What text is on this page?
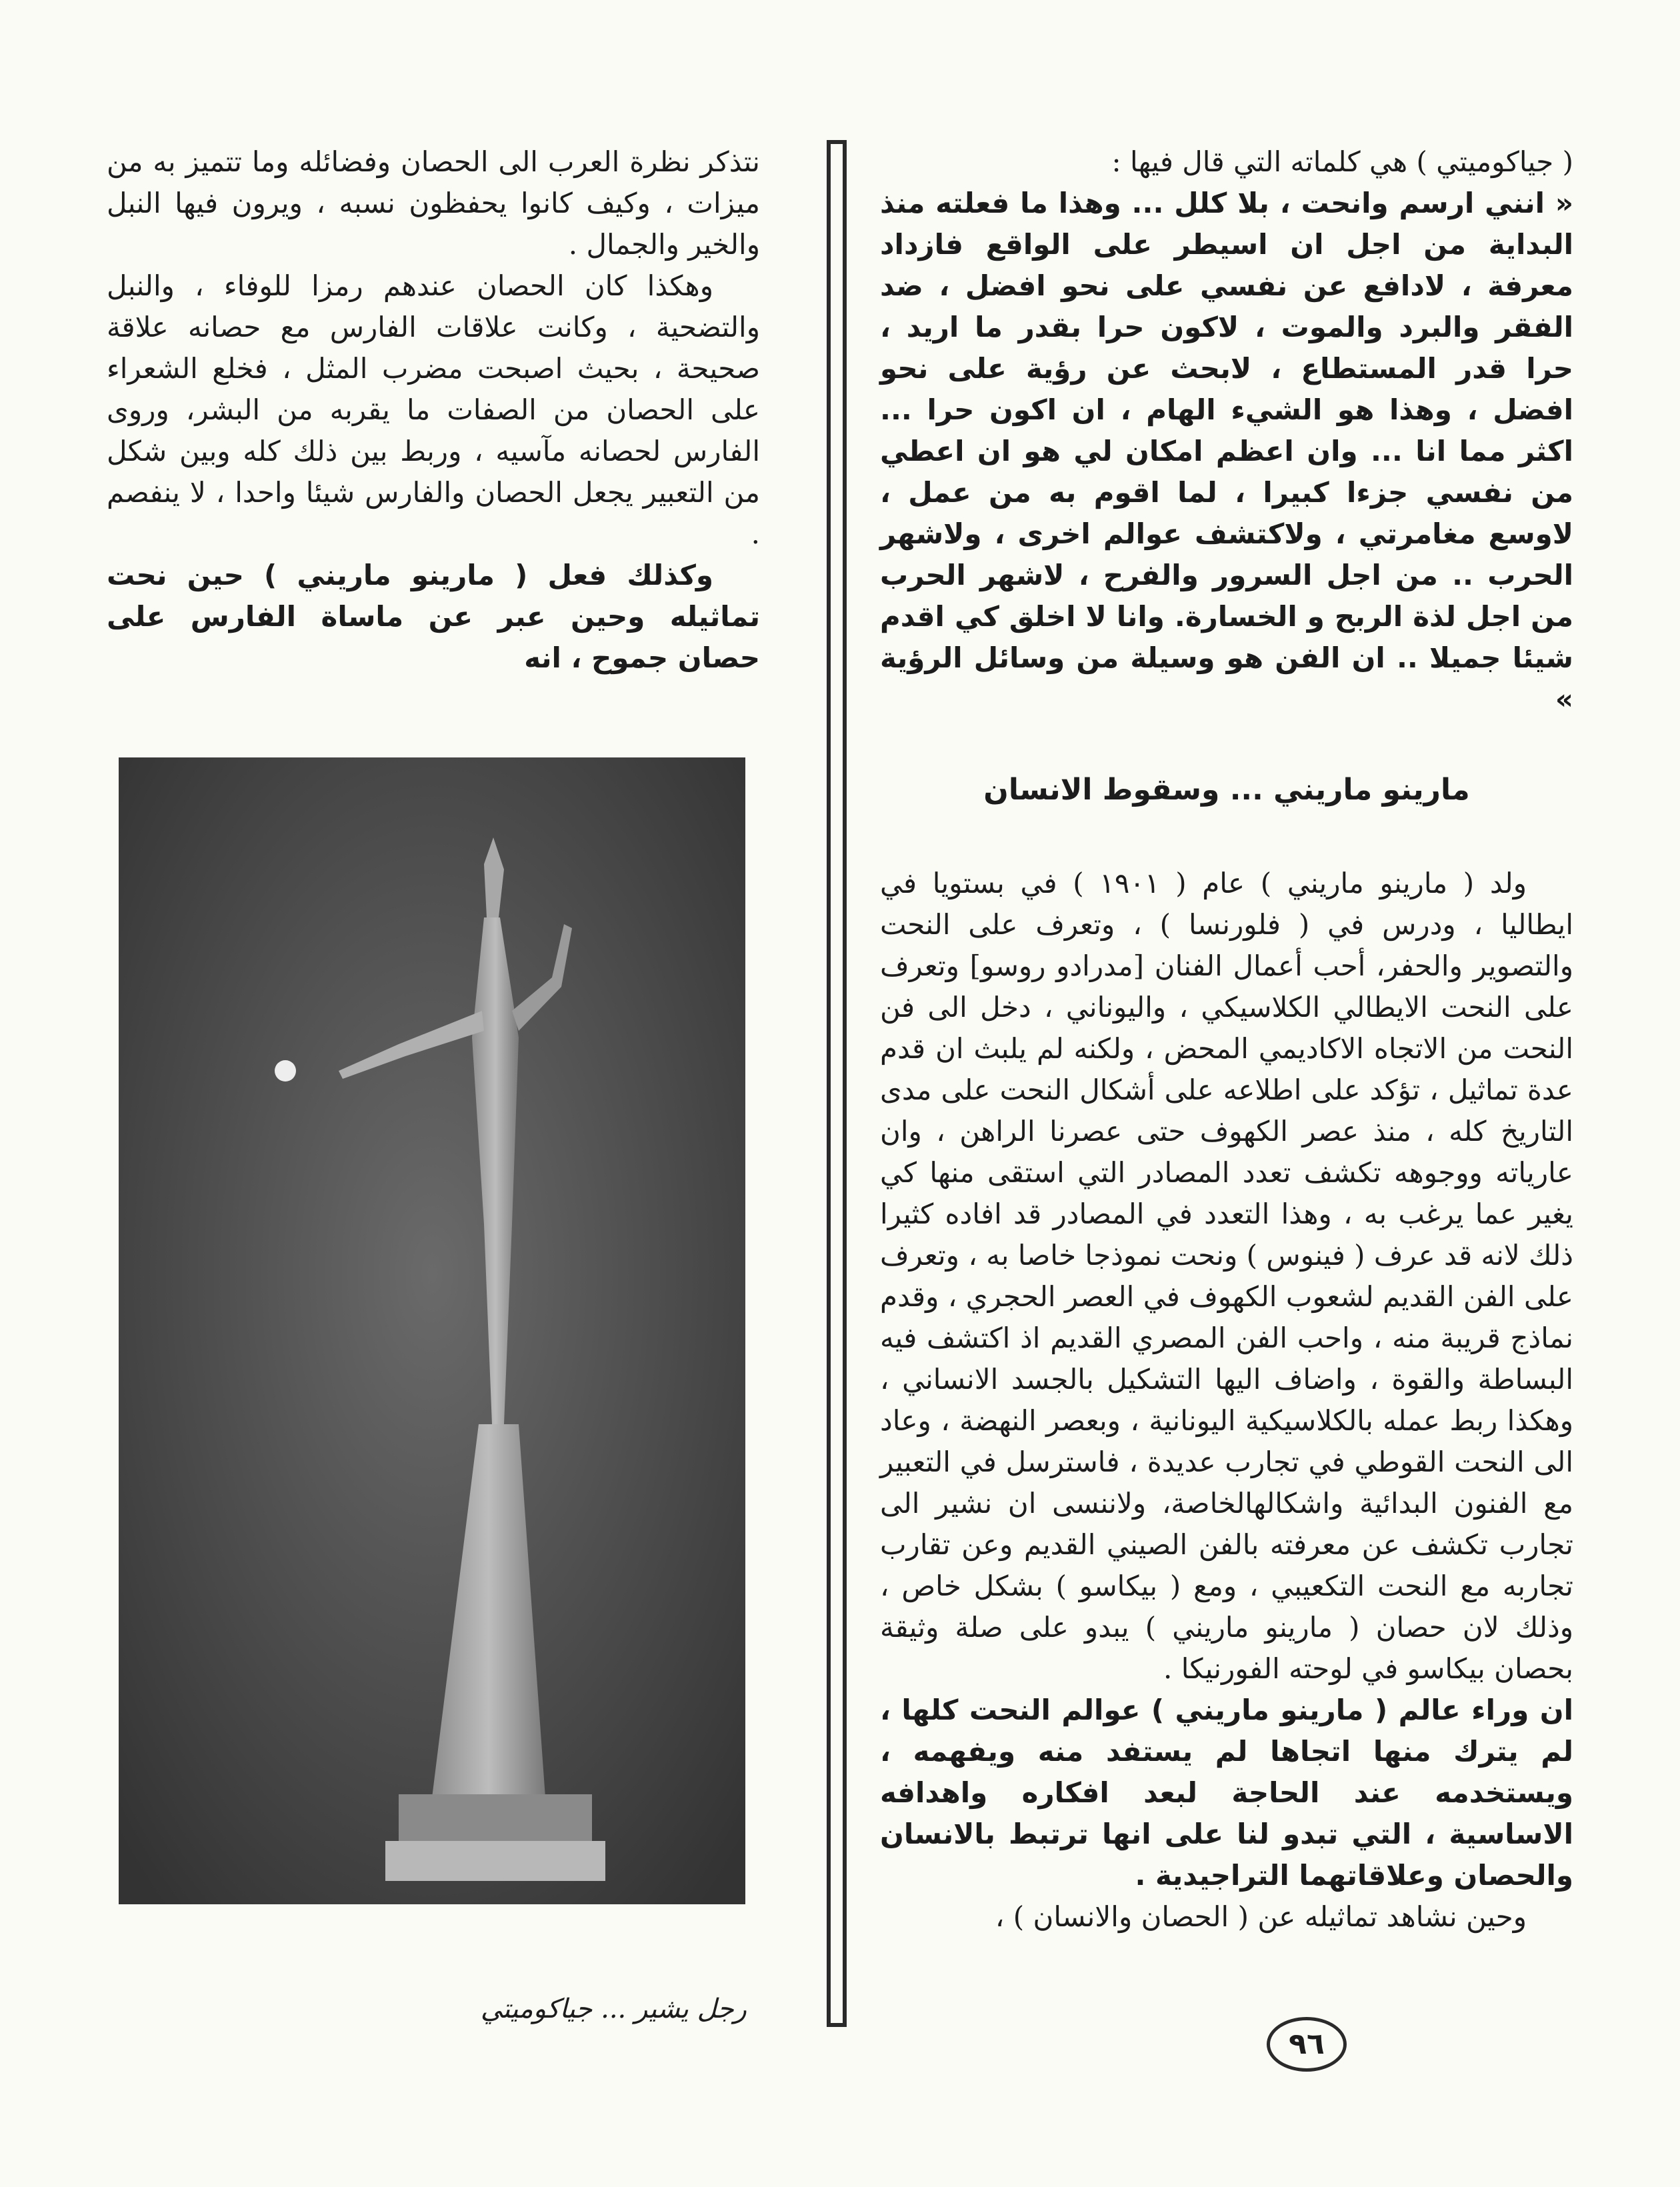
( جياكوميتي ) هي كلماته التي قال فيها :

« انني ارسم وانحت ، بلا كلل ... وهذا ما فعلته منذ البداية من اجل ان اسيطر على الواقع فازداد معرفة ، لادافع عن نفسي على نحو افضل ، ضد الفقر والبرد والموت ، لاكون حرا بقدر ما اريد ، حرا قدر المستطاع ، لابحث عن رؤية على نحو افضل ، وهذا هو الشيء الهام ، ان اكون حرا ... اكثر مما انا ... وان اعظم امكان لي هو ان اعطي من نفسي جزءا كبيرا ، لما اقوم به من عمل ، لاوسع مغامرتي ، ولاكتشف عوالم اخرى ، ولاشهر الحرب .. من اجل السرور والفرح ، لاشهر الحرب من اجل لذة الربح و الخسارة. وانا لا اخلق كي اقدم شيئا جميلا .. ان الفن هو وسيلة من وسائل الرؤية »

مارينو ماريني ... وسقوط الانسان

ولد ( مارينو ماريني ) عام ( ١٩٠١ ) في بستويا في ايطاليا ، ودرس في ( فلورنسا ) ، وتعرف على النحت والتصوير والحفر، أحب أعمال الفنان [مدرادو روسو] وتعرف على النحت الايطالي الكلاسيكي ، واليوناني ، دخل الى فن النحت من الاتجاه الاكاديمي المحض ، ولكنه لم يلبث ان قدم عدة تماثيل ، تؤكد على اطلاعه على أشكال النحت على مدى التاريخ كله ، منذ عصر الكهوف حتى عصرنا الراهن ، وان عارياته ووجوهه تكشف تعدد المصادر التي استقى منها كي يغير عما يرغب به ، وهذا التعدد في المصادر قد افاده كثيرا ذلك لانه قد عرف ( فينوس ) ونحت نموذجا خاصا به ، وتعرف على الفن القديم لشعوب الكهوف في العصر الحجري ، وقدم نماذج قريبة منه ، واحب الفن المصري القديم اذ اكتشف فيه البساطة والقوة ، واضاف اليها التشكيل بالجسد الانساني ، وهكذا ربط عمله بالكلاسيكية اليونانية ، وبعصر النهضة ، وعاد الى النحت القوطي في تجارب عديدة ، فاسترسل في التعبير مع الفنون البدائية واشكالهالخاصة، ولاننسى ان نشير الى تجارب تكشف عن معرفته بالفن الصيني القديم وعن تقارب تجاربه مع النحت التكعيبي ، ومع ( بيكاسو ) بشكل خاص ، وذلك لان حصان ( مارينو ماريني ) يبدو على صلة وثيقة بحصان بيكاسو في لوحته الفورنيكا .

ان وراء عالم ( مارينو ماريني ) عوالم النحت كلها ، لم يترك منها اتجاها لم يستفد منه ويفهمه ، ويستخدمه عند الحاجة لبعد افكاره واهدافه الاساسية ، التي تبدو لنا على انها ترتبط بالانسان والحصان وعلاقاتهما التراجيدية .

وحين نشاهد تماثيله عن ( الحصان والانسان ) ،

نتذكر نظرة العرب الى الحصان وفضائله وما تتميز به من ميزات ، وكيف كانوا يحفظون نسبه ، ويرون فيها النبل والخير والجمال .

وهكذا كان الحصان عندهم رمزا للوفاء ، والنبل والتضحية ، وكانت علاقات الفارس مع حصانه علاقة صحيحة ، بحيث اصبحت مضرب المثل ، فخلع الشعراء على الحصان من الصفات ما يقربه من البشر، وروى الفارس لحصانه مآسيه ، وربط بين ذلك كله وبين شكل من التعبير يجعل الحصان والفارس شيئا واحدا ، لا ينفصم .

وكذلك فعل ( مارينو ماريني ) حين نحت تماثيله وحين عبر عن ماساة الفارس على حصان جموح ، انه

رجل يشير ... جياكوميتي
٩٦
